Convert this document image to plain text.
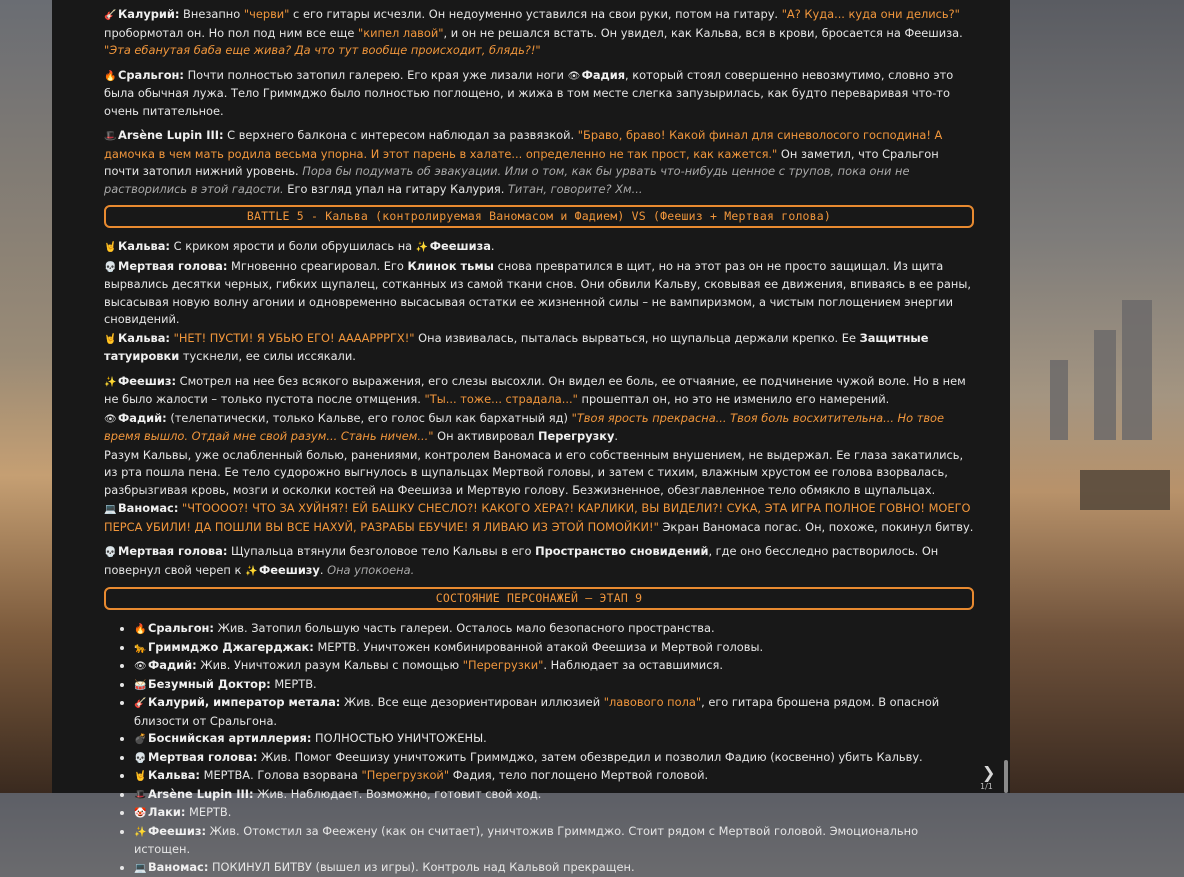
🎸 Калурий: Внезапно "черви" с его гитары исчезли. Он недоуменно уставился на свои руки, потом на гитару. "А? Куда... куда они делись?" пробормотал он. Но пол под ним все еще "кипел лавой", и он не решался встать. Он увидел, как Кальва, вся в крови, бросается на Феешиза. "Эта ебанутая баба еще жива? Да что тут вообще происходит, блядь?!"

🔥 Сральгон: Почти полностью затопил галерею. Его края уже лизали ноги 👁Фадия, который стоял совершенно невозмутимо, словно это была обычная лужа. Тело Гриммджо было полностью поглощено, и жижа в том месте слегка запузырилась, как будто переваривая что-то очень питательное.

🎩 Arsène Lupin III: С верхнего балкона с интересом наблюдал за развязкой. "Браво, браво! Какой финал для синеволосого господина! А дамочка в чем мать родила весьма упорна. И этот парень в халате... определенно не так прост, как кажется." Он заметил, что Сральгон почти затопил нижний уровень. Пора бы подумать об эвакуации. Или о том, как бы урвать что-нибудь ценное с трупов, пока они не растворились в этой гадости. Его взгляд упал на гитару Калурия. Титан, говорите? Хм...

BATTLE 5 - Кальва (контролируемая Ваномасом и Фадием) VS (Феешиз + Мертвая голова)

🤘 Кальва: С криком ярости и боли обрушилась на ✨ Феешиза.

💀 Мертвая голова: Мгновенно среагировал. Его Клинок тьмы снова превратился в щит, но на этот раз он не просто защищал. Из щита вырвались десятки черных, гибких щупалец, сотканных из самой ткани снов. Они обвили Кальву, сковывая ее движения, впиваясь в ее раны, высасывая новую волну агонии и одновременно высасывая остатки ее жизненной силы – не вампиризмом, а чистым поглощением энергии сновидений.

🤘 Кальва: "НЕТ! ПУСТИ! Я УБЬЮ ЕГО! ААААРРРГХ!" Она извивалась, пыталась вырваться, но щупальца держали крепко. Ее Защитные татуировки тускнели, ее силы иссякали.

✨ Феешиз: Смотрел на нее без всякого выражения, его слезы высохли. Он видел ее боль, ее отчаяние, ее подчинение чужой воле. Но в нем не было жалости – только пустота после отмщения. "Ты... тоже... страдала..." прошептал он, но это не изменило его намерений.

👁Фадий: (телепатически, только Кальве, его голос был как бархатный яд) "Твоя ярость прекрасна... Твоя боль восхитительна... Но твое время вышло. Отдай мне свой разум... Стань ничем..." Он активировал Перегрузку.

Разум Кальвы, уже ослабленный болью, ранениями, контролем Ваномаса и его собственным внушением, не выдержал. Ее глаза закатились, из рта пошла пена. Ее тело судорожно выгнулось в щупальцах Мертвой головы, и затем с тихим, влажным хрустом ее голова взорвалась, разбрызгивая кровь, мозги и осколки костей на Феешиза и Мертвую голову. Безжизненное, обезглавленное тело обмякло в щупальцах.

💻 Ваномас: "ЧТОООО?! ЧТО ЗА ХУЙНЯ?! ЕЙ БАШКУ СНЕСЛО?! КАКОГО ХЕРА?! КАРЛИКИ, ВЫ ВИДЕЛИ?! СУКА, ЭТА ИГРА ПОЛНОЕ ГОВНО! МОЕГО ПЕРСА УБИЛИ! ДА ПОШЛИ ВЫ ВСЕ НАХУЙ, РАЗРАБЫ ЕБУЧИЕ! Я ЛИВАЮ ИЗ ЭТОЙ ПОМОЙКИ!" Экран Ваномаса погас. Он, похоже, покинул битву.

💀 Мертвая голова: Щупальца втянули безголовое тело Кальвы в его Пространство сновидений, где оно бесследно растворилось. Он повернул свой череп к ✨ Феешизу. Она упокоена.

СОСТОЯНИЕ ПЕРСОНАЖЕЙ – ЭТАП 9
• 🔥 Сральгон: Жив. Затопил большую часть галереи. Осталось мало безопасного пространства.
• 🐆 Гриммджо Джагерджак: МЕРТВ. Уничтожен комбинированной атакой Феешиза и Мертвой головы.
• 👁Фадий: Жив. Уничтожил разум Кальвы с помощью "Перегрузки". Наблюдает за оставшимися.
• 🥁 Безумный Доктор: МЕРТВ.
• 🎸 Калурий, император метала: Жив. Все еще дезориентирован иллюзией "лавового пола", его гитара брошена рядом. В опасной близости от Сральгона.
• 💣 Боснийская артиллерия: ПОЛНОСТЬЮ УНИЧТОЖЕНЫ.
• 💀 Мертвая голова: Жив. Помог Феешизу уничтожить Гриммджо, затем обезвредил и позволил Фадию (косвенно) убить Кальву.
• 🤘 Кальва: МЕРТВА. Голова взорвана "Перегрузкой" Фадия, тело поглощено Мертвой головой.
• 🎩 Arsène Lupin III: Жив. Наблюдает. Возможно, готовит свой ход.
• 🤡 Лаки: МЕРТВ.
• ✨ Феешиз: Жив. Отомстил за Феежену (как он считает), уничтожив Гриммджо. Стоит рядом с Мертвой головой. Эмоционально истощен.
• 💻 Ваномас: ПОКИНУЛ БИТВУ (вышел из игры). Контроль над Кальвой прекращен.
❯
1/1
